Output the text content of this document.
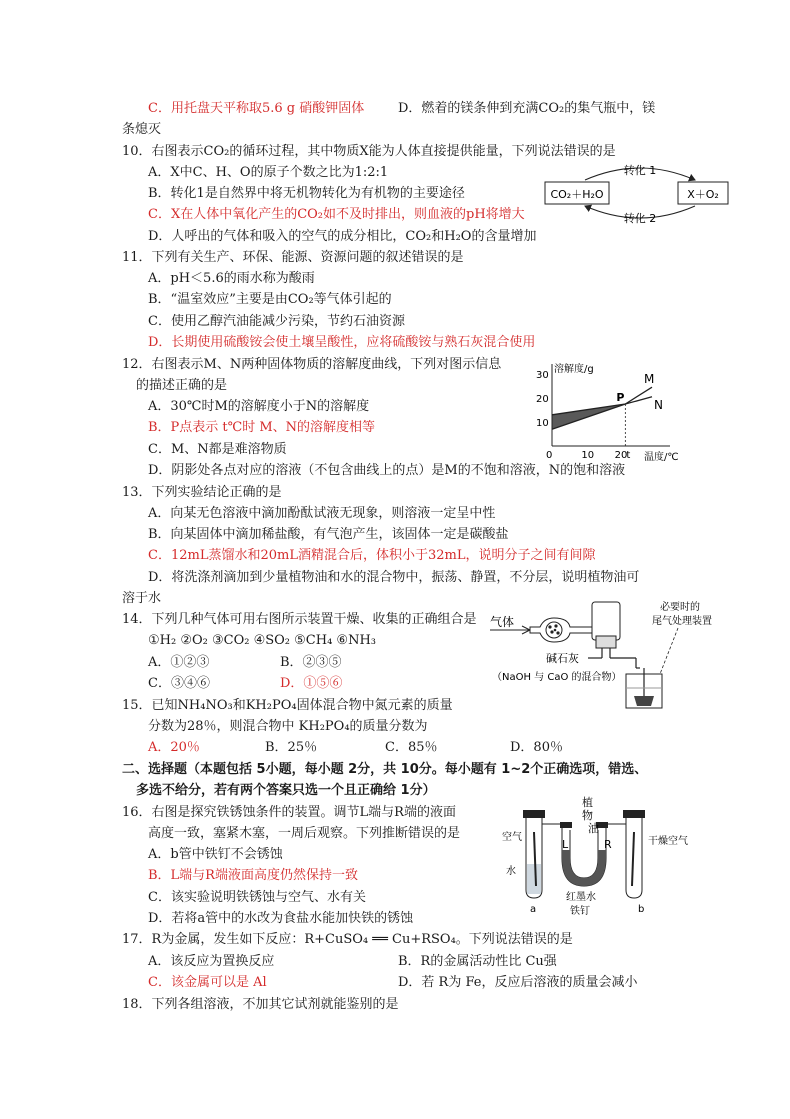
C．用托盘天平称取5.6 g 硝酸钾固体	D．燃着的镁条伸到充满CO₂的集气瓶中，镁
条熄灭
10．右图表示CO₂的循环过程，其中物质X能为人体直接提供能量，下列说法错误的是
A．X中C、H、O的原子个数之比为1:2:1
B．转化1是自然界中将无机物转化为有机物的主要途径
C．X在人体中氧化产生的CO₂如不及时排出，则血液的pH将增大
D．人呼出的气体和吸入的空气的成分相比，CO₂和H₂O的含量增加
CO₂＋H₂O	X＋O₂
转化 1
转化 2
11．下列有关生产、环保、能源、资源问题的叙述错误的是
A．pH＜5.6的雨水称为酸雨
B．“温室效应”主要是由CO₂等气体引起的
C．使用乙醇汽油能减少污染，节约石油资源
D．长期使用硫酸铵会使土壤呈酸性，应将硫酸铵与熟石灰混合使用
12．右图表示M、N两种固体物质的溶解度曲线，下列对图示信息
的描述正确的是
A．30℃时M的溶解度小于N的溶解度
B．P点表示 t℃时 M、N的溶解度相等
C．M、N都是难溶物质
D．阴影处各点对应的溶液（不包含曲线上的点）是M的不饱和溶液，N的饱和溶液
10
20
30
0	10 20
t
M
N
P
溶解度/g
温度/℃
13．下列实验结论正确的是
A．向某无色溶液中滴加酚酞试液无现象，则溶液一定呈中性
B．向某固体中滴加稀盐酸，有气泡产生，该固体一定是碳酸盐
C．12mL蒸馏水和20mL酒精混合后，体积小于32mL，说明分子之间有间隙
D．将洗涤剂滴加到少量植物油和水的混合物中，振荡、静置，不分层，说明植物油可
溶于水
14．下列几种气体可用右图所示装置干燥、收集的正确组合是
①H₂ ②O₂ ③CO₂ ④SO₂ ⑤CH₄ ⑥NH₃
A．①②③	B．②③⑤
C．③④⑥	D．①⑤⑥
气体
必要时的
尾气处理装置
碱石灰
（NaOH 与 CaO 的混合物）
15．已知NH₄NO₃和KH₂PO₄固体混合物中氮元素的质量
分数为28％，则混合物中 KH₂PO₄的质量分数为
A．20％	B．25％	C．85％	D．80％
二、选择题（本题包括 5小题，每小题 2分，共 10分。每小题有 1~2个正确选项，错选、
多选不给分，若有两个答案只选一个且正确给 1分）
16．右图是探究铁锈蚀条件的装置。调节L端与R端的液面
高度一致，塞紧木塞，一周后观察。下列推断错误的是
A．b管中铁钉不会锈蚀
B．L端与R端液面高度仍然保持一致
C．该实验说明铁锈蚀与空气、水有关
D．若将a管中的水改为食盐水能加快铁的锈蚀
植
物
油
空气	干燥空气
水
L	R
红墨水
铁钉
a	b
17．R为金属，发生如下反应：R+CuSO₄ ══ Cu+RSO₄。下列说法错误的是
A．该反应为置换反应	B．R的金属活动性比 Cu强
C．该金属可以是 Al	D．若 R为 Fe，反应后溶液的质量会减小
18．下列各组溶液，不加其它试剂就能鉴别的是
